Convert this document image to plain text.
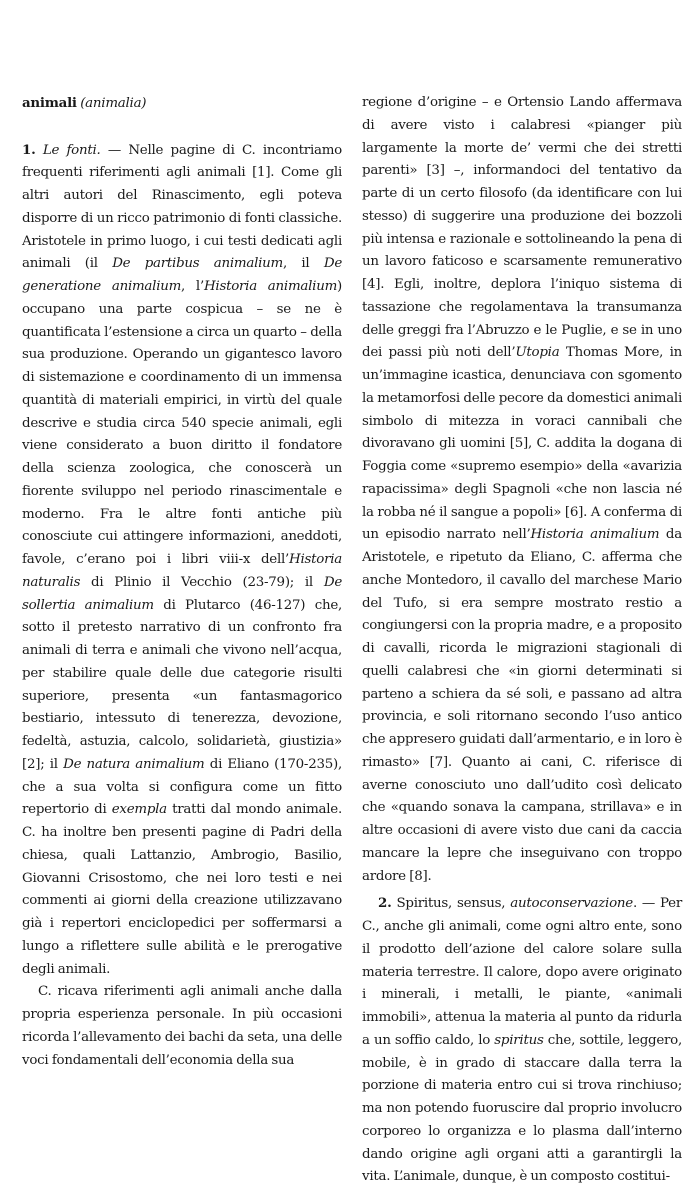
animali (animalia)

1. Le fonti. — Nelle pagine di C. incontriamo frequenti riferimenti agli animali [1]. Come gli altri autori del Rinascimento, egli poteva disporre di un ricco patrimonio di fonti classiche. Aristotele in primo luogo, i cui testi dedicati agli animali (il De partibus animalium, il De generatione animalium, l’Historia animalium) occupano una parte cospicua – se ne è quantificata l’estensione a circa un quarto – della sua produzione. Operando un gigantesco lavoro di sistemazione e coordinamento di un immensa quantità di materiali empirici, in virtù del quale descrive e studia circa 540 specie animali, egli viene considerato a buon diritto il fondatore della scienza zoologica, che conoscerà un fiorente sviluppo nel periodo rinascimentale e moderno. Fra le altre fonti antiche più conosciute cui attingere informazioni, aneddoti, favole, c’erano poi i libri viii-x dell’Historia naturalis di Plinio il Vecchio (23-79); il De sollertia animalium di Plutarco (46-127) che, sotto il pretesto narrativo di un confronto fra animali di terra e animali che vivono nell’acqua, per stabilire quale delle due categorie risulti superiore, presenta «un fantasmagorico bestiario, intessuto di tenerezza, devozione, fedeltà, astuzia, calcolo, solidarietà, giustizia» [2]; il De natura animalium di Eliano (170-235), che a sua volta si configura come un fitto repertorio di exempla tratti dal mondo animale. C. ha inoltre ben presenti pagine di Padri della chiesa, quali Lattanzio, Ambrogio, Basilio, Giovanni Crisostomo, che nei loro testi e nei commenti ai giorni della creazione utilizzavano già i repertori enciclopedici per soffermarsi a lungo a riflettere sulle abilità e le prerogative degli animali.

C. ricava riferimenti agli animali anche dalla propria esperienza personale. In più occasioni ricorda l’allevamento dei bachi da seta, una delle voci fondamentali dell’economia della sua

regione d’origine – e Ortensio Lando affermava di avere visto i calabresi «pianger più largamente la morte de’ vermi che dei stretti parenti» [3] –, informandoci del tentativo da parte di un certo filosofo (da identificare con lui stesso) di suggerire una produzione dei bozzoli più intensa e razionale e sottolineando la pena di un lavoro faticoso e scarsamente remunerativo [4]. Egli, inoltre, deplora l’iniquo sistema di tassazione che regolamentava la transumanza delle greggi fra l’Abruzzo e le Puglie, e se in uno dei passi più noti dell’Utopia Thomas More, in un’immagine icastica, denunciava con sgomento la metamorfosi delle pecore da domestici animali simbolo di mitezza in voraci cannibali che divoravano gli uomini [5], C. addita la dogana di Foggia come «supremo esempio» della «avarizia rapacissima» degli Spagnoli «che non lascia né la robba né il sangue a popoli» [6]. A conferma di un episodio narrato nell’Historia animalium da Aristotele, e ripetuto da Eliano, C. afferma che anche Montedoro, il cavallo del marchese Mario del Tufo, si era sempre mostrato restio a congiungersi con la propria madre, e a proposito di cavalli, ricorda le migrazioni stagionali di quelli calabresi che «in giorni determinati si parteno a schiera da sé soli, e passano ad altra provincia, e soli ritornano secondo l’uso antico che appresero guidati dall’armentario, e in loro è rimasto» [7]. Quanto ai cani, C. riferisce di averne conosciuto uno dall’udito così delicato che «quando sonava la campana, strillava» e in altre occasioni di avere visto due cani da caccia mancare la lepre che inseguivano con troppo ardore [8].

2. Spiritus, sensus, autoconservazione. — Per C., anche gli animali, come ogni altro ente, sono il prodotto dell’azione del calore solare sulla materia terrestre. Il calore, dopo avere originato i minerali, i metalli, le piante, «animali immobili», attenua la materia al punto da ridurla a un soffio caldo, lo spiritus che, sottile, leggero, mobile, è in grado di staccare dalla terra la porzione di materia entro cui si trova rinchiuso; ma non potendo fuoruscire dal proprio involucro corporeo lo organizza e lo plasma dall’interno dando origine agli organi atti a garantirgli la vita. L’animale, dunque, è un composto costitui-
